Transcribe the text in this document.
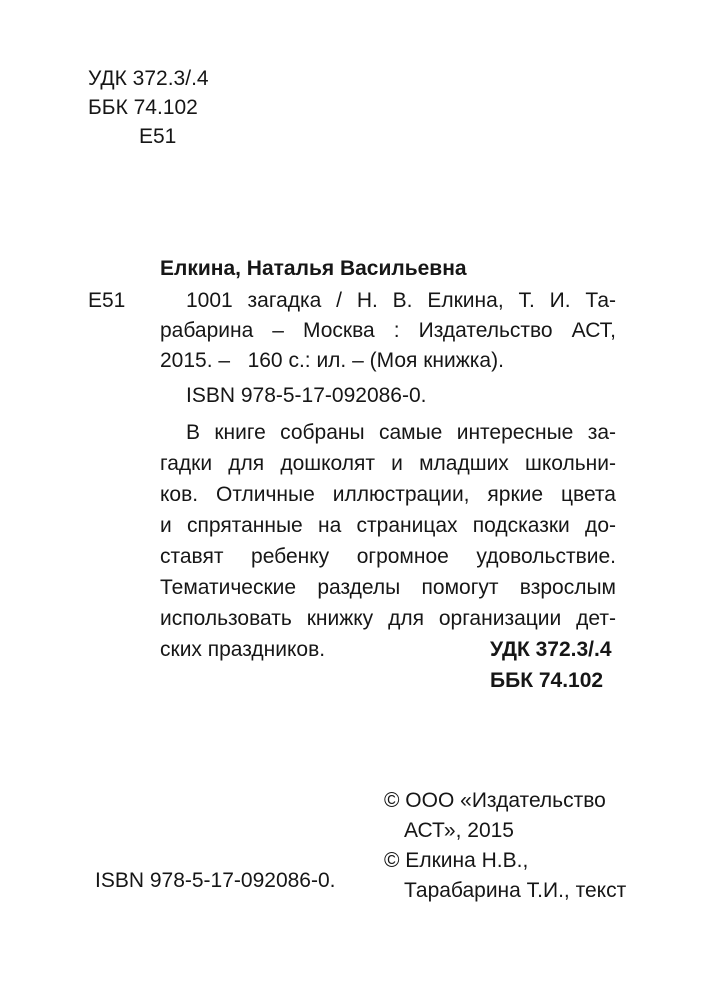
УДК 372.3/.4
ББК 74.102
Е51
Елкина, Наталья Васильевна
Е51	1001 загадка / Н. В. Елкина, Т. И. Та-
рабарина – Москва : Издательство АСТ,
2015. –   160 с.: ил. – (Моя книжка).
ISBN 978-5-17-092086-0.
В книге собраны самые интересные за-
гадки для дошколят и младших школьни-
ков. Отличные иллюстрации, яркие цвета
и спрятанные на страницах подсказки до-
ставят ребенку огромное удовольствие.
Тематические разделы помогут взрослым
использовать книжку для организации дет-
ских праздников.	УДК 372.3/.4
ББК 74.102
© ООО «Издательство
АСТ», 2015
© Елкина Н.В.,
Тарабарина Т.И., текст
ISBN 978-5-17-092086-0.
